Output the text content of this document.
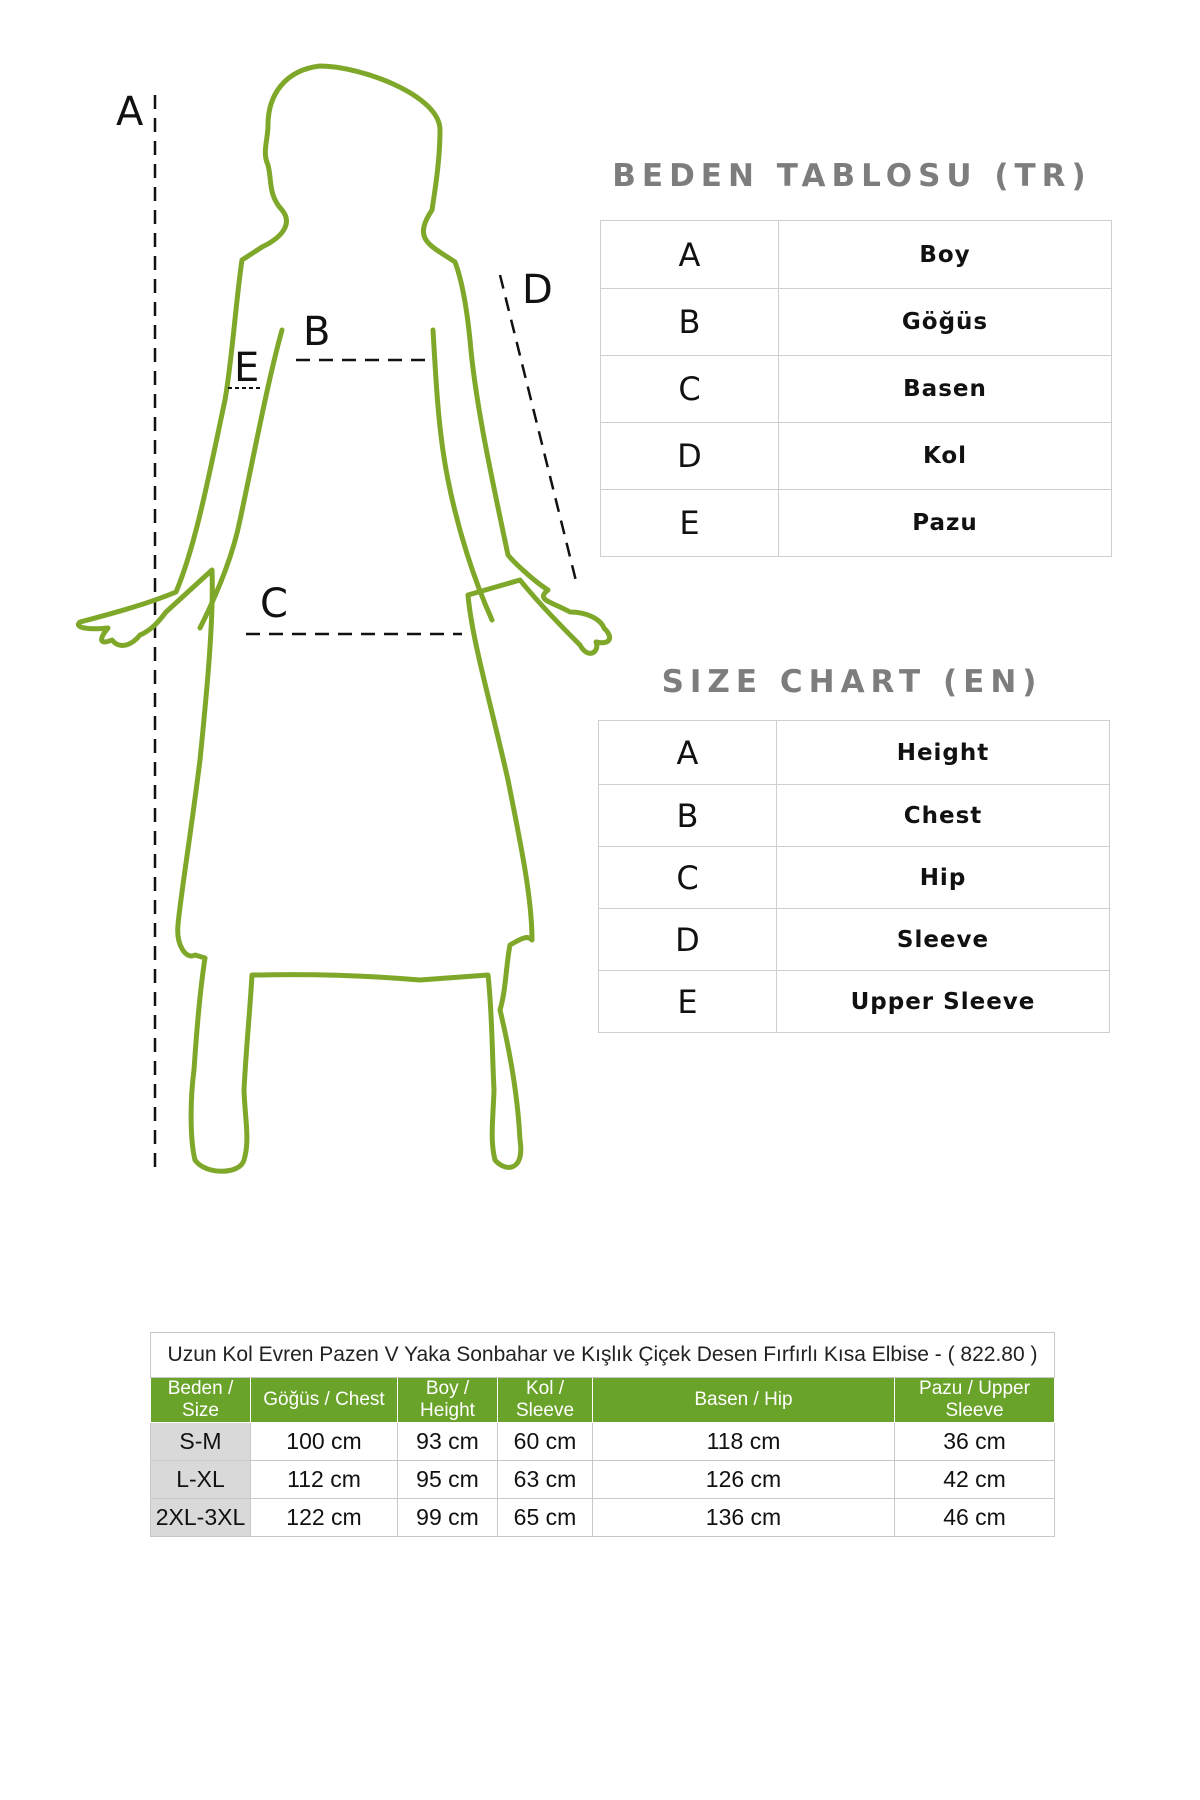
A
B
C
D
E
BEDEN TABLOSU (TR)
A	Boy
B	Göğüs
C	Basen
D	Kol
E	Pazu
SIZE CHART (EN)
A	Height
B	Chest
C	Hip
D	Sleeve
E	Upper Sleeve
Uzun Kol Evren Pazen V Yaka Sonbahar ve Kışlık Çiçek Desen Fırfırlı Kısa Elbise - ( 822.80 )					
Beden / Size	Göğüs / Chest	Boy / Height	Kol / Sleeve	Basen / Hip	Pazu / Upper Sleeve
S-M	100 cm	93 cm	60 cm	118 cm	36 cm
L-XL	112 cm	95 cm	63 cm	126 cm	42 cm
2XL-3XL	122 cm	99 cm	65 cm	136 cm	46 cm
